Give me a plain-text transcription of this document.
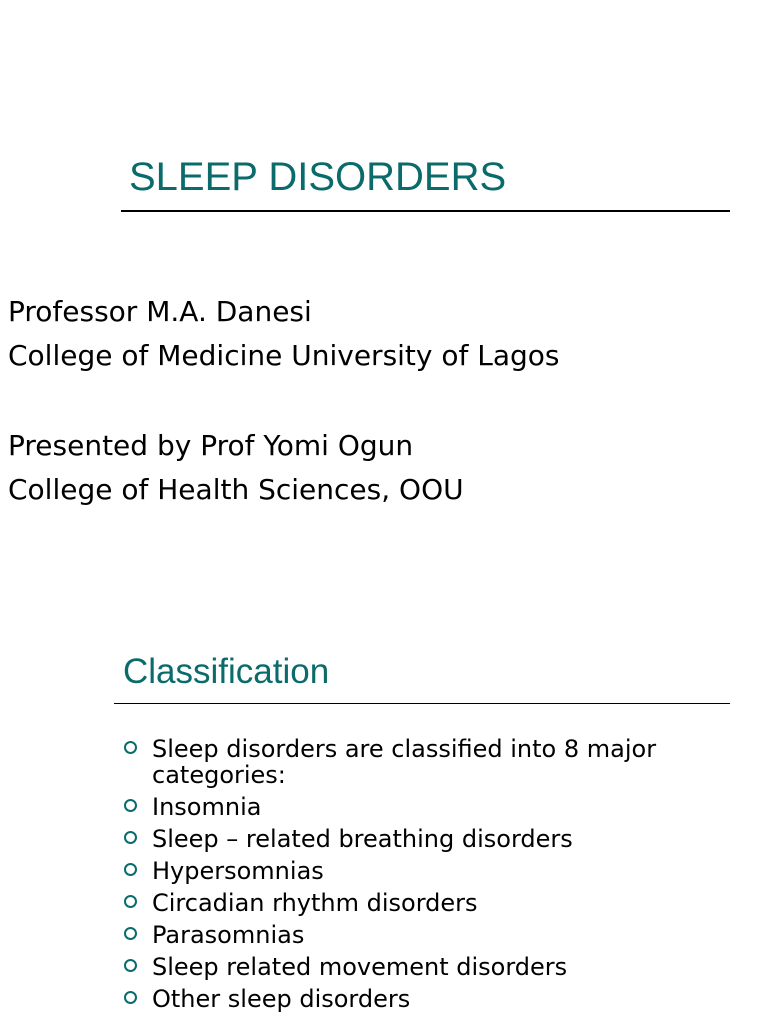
SLEEP DISORDERS
Professor M.A. Danesi
College of Medicine University of Lagos
Presented by Prof Yomi Ogun
College of Health Sciences, OOU
Classification
Sleep disorders are classified into 8 major categories:
Insomnia
Sleep – related breathing disorders
Hypersomnias
Circadian rhythm disorders
Parasomnias
Sleep related movement disorders
Other sleep disorders
